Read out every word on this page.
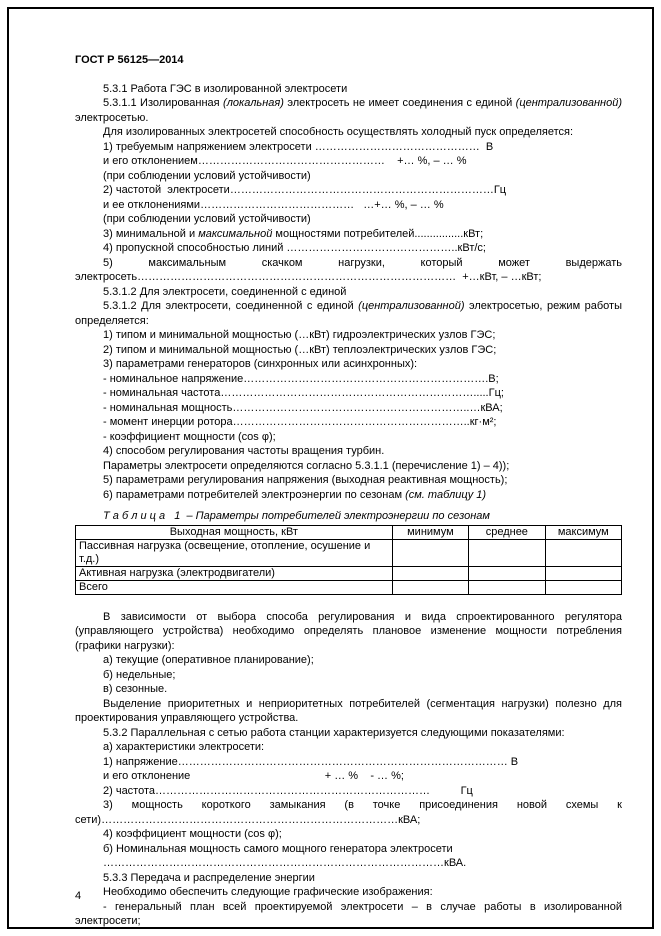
ГОСТ Р 56125—2014

5.3.1 Работа ГЭС в изолированной электросети

5.3.1.1 Изолированная (локальная) электросеть не имеет соединения с единой (централизованной) электросетью.

Для изолированных электросетей способность осуществлять холодный пуск определяется:

1) требуемым напряжением электросети ………………………………………  В

и его отклонением……………………………………………    +… %, – … %

(при соблюдении условий устойчивости)

2) частотой  электросети………………………………………………………………Гц

и ее отклонениями……………………………………   …+… %, – … %

(при соблюдении условий устойчивости)

3) минимальной и максимальной мощностями потребителей................кВт;

4) пропускной способностью линий ………………………………………..кВт/с;

5) максимальным скачком нагрузки, который может выдержать

электросеть……………………………………………………………………………  +…кВт, – …кВт;

5.3.1.2 Для электросети, соединенной с единой

5.3.1.2 Для электросети, соединенной с единой (централизованной) электросетью, режим работы определяется:

1) типом и минимальной мощностью (…кВт) гидроэлектрических узлов ГЭС;

2) типом и минимальной мощностью (…кВт) теплоэлектрических узлов ГЭС;

3) параметрами генераторов (синхронных или асинхронных):

- номинальное напряжение………………………………………………………….В;

- номинальная частота…………………………………………………………….....Гц;

- номинальная мощность………………………………………………………..…кВА;

- момент инерции ротора………………………………………………………..кг·м²;

- коэффициент мощности (cos φ);

4) способом регулирования частоты вращения турбин.

Параметры электросети определяются согласно 5.3.1.1 (перечисление 1) – 4));

5) параметрами регулирования напряжения (выходная реактивная мощность);

6) параметрами потребителей электроэнергии по сезонам (см. таблицу 1)

Т а б л и ц а   1  – Параметры потребителей электроэнергии по сезонам

Выходная мощность, кВт	минимум	среднее	максимум
Пассивная нагрузка (освещение, отопление, осушение и т.д.)			
Активная нагрузка (электродвигатели)			
Всего			

В зависимости от выбора способа регулирования и вида спроектированного регулятора (управляющего устройства) необходимо определять плановое изменение мощности потребления (графики нагрузки):

а) текущие (оперативное планирование);

б) недельные;

в) сезонные.

Выделение приоритетных и неприоритетных потребителей (сегментация нагрузки) полезно для проектирования управляющего устройства.

5.3.2 Параллельная с сетью работа станции характеризуется следующими показателями:

а) характеристики электросети:

1) напряжение……………………………………………………………………………… В

и его отклонение                                            + … %    - … %;

2) частота…………………………………………………………………          Гц

3) мощность короткого замыкания (в точке присоединения новой схемы к

сети)………………………………………………………………………кВА;

4) коэффициент мощности (cos φ);

б) Номинальная мощность самого мощного генератора электросети

…………………………………………………………………………………кВА.

5.3.3 Передача и распределение энергии

Необходимо обеспечить следующие графические изображения:

- генеральный план всей проектируемой электросети – в случае работы в изолированной электросети;

4
